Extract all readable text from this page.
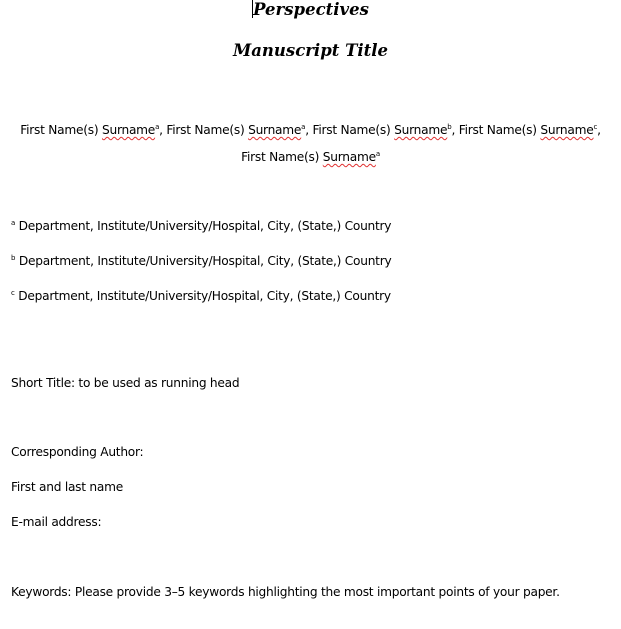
Perspectives
Manuscript Title
First Name(s) Surname$^a$, First Name(s) Surname$^a$, First Name(s) Surname$^b$, First Name(s) Surname$^c$,
First Name(s) Surname$^a$
$^a$ Department, Institute/University/Hospital, City, (State,) Country
$^b$ Department, Institute/University/Hospital, City, (State,) Country
$^c$ Department, Institute/University/Hospital, City, (State,) Country
Short Title: to be used as running head
Corresponding Author:
First and last name
E-mail address:
Keywords: Please provide 3–5 keywords highlighting the most important points of your paper.
